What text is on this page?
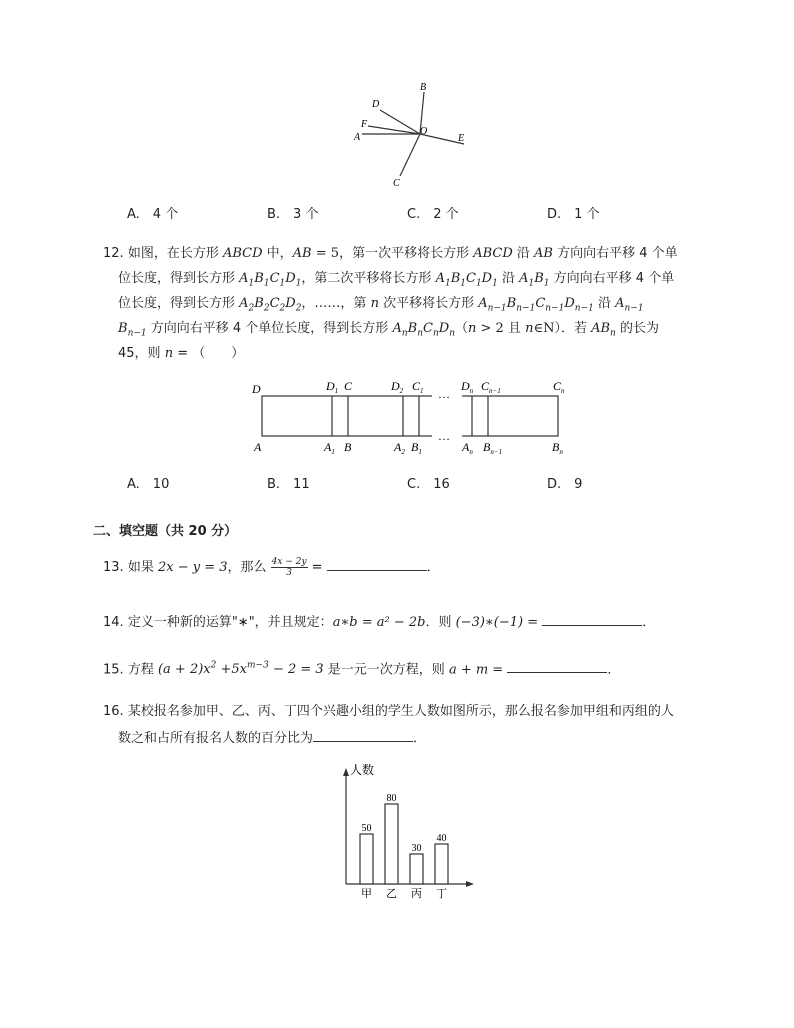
B
D
F
A
O
E
C
A.　4 个	B.　3 个	C.　2 个	D.　1 个
12. 如图，在长方形 ABCD 中，AB = 5，第一次平移将长方形 ABCD 沿 AB 方向向右平移 4 个单
位长度，得到长方形 $A_1B_1C_1D_1$，第二次平移将长方形 $A_1B_1C_1D_1$ 沿 $A_1B_1$ 方向向右平移 4 个单
位长度，得到长方形 $A_2B_2C_2D_2$，……，第 n 次平移将长方形 $A_{n-1}B_{n-1}C_{n-1}D_{n-1}$ 沿 $A_{n-1}$
$B_{n-1}$ 方向向右平移 4 个单位长度，得到长方形 $A_nB_nC_nD_n(n > 2$ 且 n∈N）．若 $AB_n$ 的长为
45，则 n = （　　）
…
…
D	$D_1$ C	$D_2$ $C_1$	$D_n$ $C_{n-1}$	$C_n$
A	$A_1$ B	$A_2$ $B_1$	$A_n$ $B_{n-1}$	$B_n$
A.　10	B.　11	C.　16	D.　9
二、填空题（共 20 分）
13. 如果 2x − y = 3，那么 $\frac{4x - 2y}{3}$ =	．
14. 定义一种新的运算"∗"，并且规定：a∗b = a² − 2b．则 (−3)∗(−1) =	．
15. 方程 $(a + 2)x^2 +5x^{m-3} - 2 = 3$ 是一元一次方程，则 a + m =	．
16. 某校报名参加甲、乙、丙、丁四个兴趣小组的学生人数如图所示，那么报名参加甲组和丙组的人
数之和占所有报名人数的百分比为	．
人数
50
甲
80
乙
30
丙
40
丁
